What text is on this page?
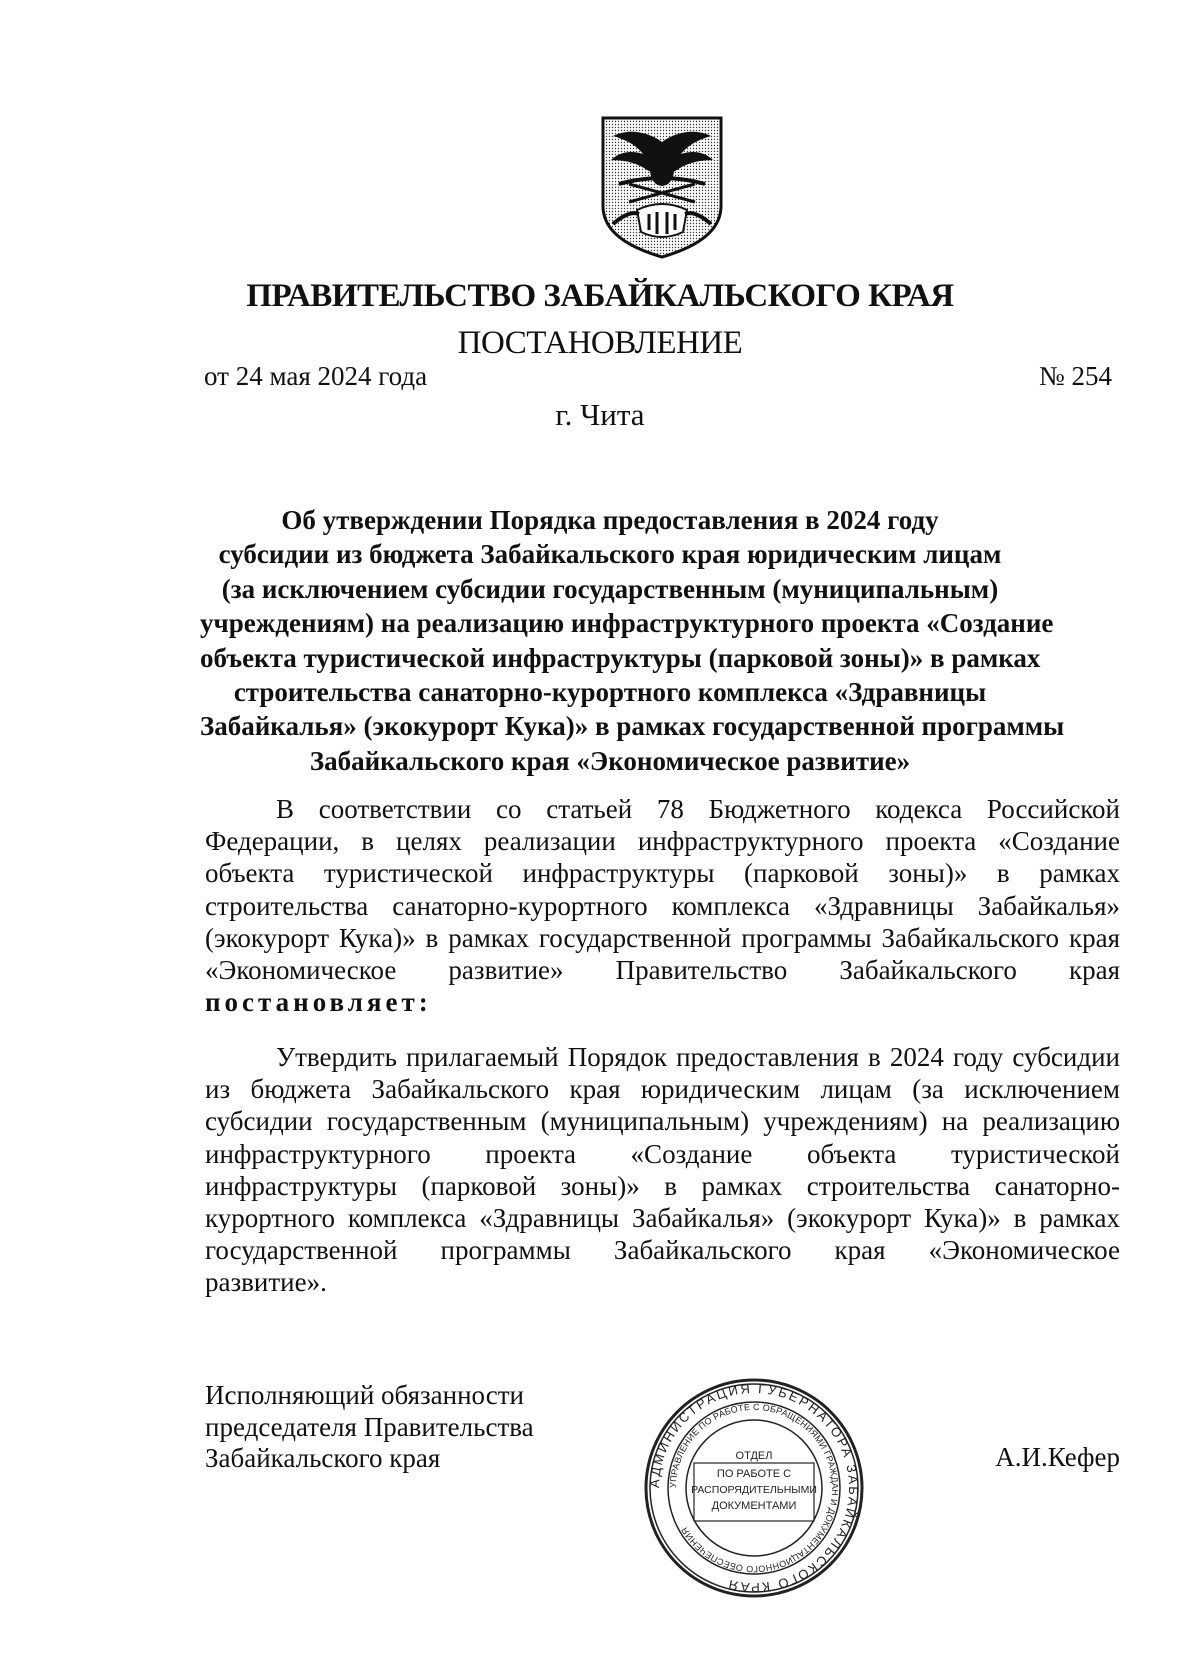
ПРАВИТЕЛЬСТВО ЗАБАЙКАЛЬСКОГО КРАЯ
ПОСТАНОВЛЕНИЕ
от 24 мая 2024 года	№ 254
г. Чита
Об утверждении Порядка предоставления в 2024 году
субсидии из бюджета Забайкальского края юридическим лицам
(за исключением субсидии государственным (муниципальным)
учреждениям) на реализацию инфраструктурного проекта «Создание
объекта туристической инфраструктуры (парковой зоны)» в рамках
строительства санаторно-курортного комплекса «Здравницы
Забайкалья» (экокурорт Кука)» в рамках государственной программы
Забайкальского края «Экономическое развитие»
В соответствии со статьей 78 Бюджетного кодекса Российской
Федерации, в целях реализации инфраструктурного проекта «Создание
объекта туристической инфраструктуры (парковой зоны)» в рамках
строительства санаторно-курортного комплекса «Здравницы Забайкалья»
(экокурорт Кука)» в рамках государственной программы Забайкальского края
«Экономическое развитие» Правительство Забайкальского края
постановляет:
Утвердить прилагаемый Порядок предоставления в 2024 году субсидии
из бюджета Забайкальского края юридическим лицам (за исключением
субсидии государственным (муниципальным) учреждениям) на реализацию
инфраструктурного проекта «Создание объекта туристической
инфраструктуры (парковой зоны)» в рамках строительства санаторно-
курортного комплекса «Здравницы Забайкалья» (экокурорт Кука)» в рамках
государственной программы Забайкальского края «Экономическое
развитие».
Исполняющий обязанности
председателя Правительства
Забайкальского края	А.И.Кефер
АДМИНИСТРАЦИЯ ГУБЕРНАТОРА ЗАБАЙКАЛЬСКОГО КРАЯ
УПРАВЛЕНИЕ ПО РАБОТЕ С ОБРАЩЕНИЯМИ ГРАЖДАН И ДОКУМЕНТАЦИОННОГО ОБЕСПЕЧЕНИЯ
ОТДЕЛ
ПО РАБОТЕ С
РАСПОРЯДИТЕЛЬНЫМИ
ДОКУМЕНТАМИ
